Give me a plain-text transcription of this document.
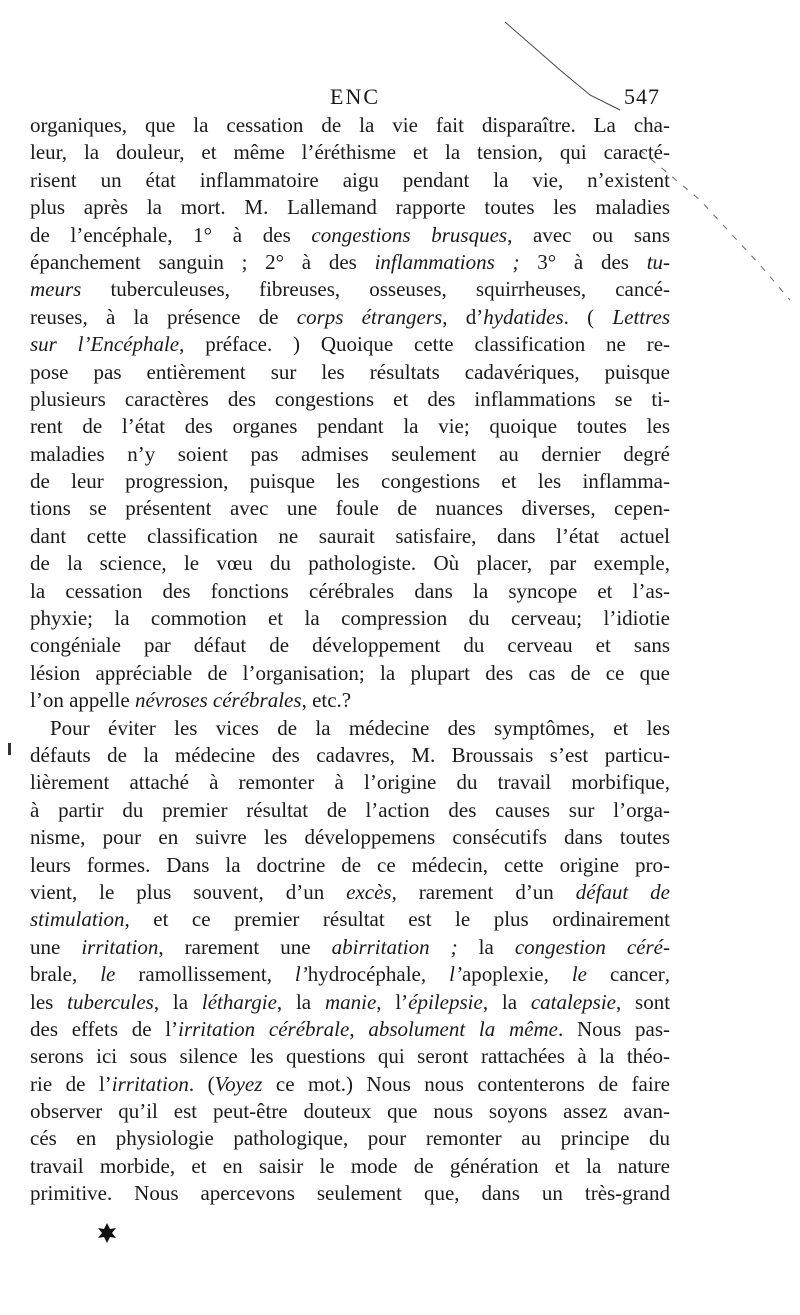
ENC	547
organiques, que la cessation de la vie fait disparaître. La cha-
leur, la douleur, et même l’éréthisme et la tension, qui caracté-
risent un état inflammatoire aigu pendant la vie, n’existent
plus après la mort. M. Lallemand rapporte toutes les maladies
de l’encéphale, 1° à des congestions brusques, avec ou sans
épanchement sanguin ; 2° à des inflammations ; 3° à des tu-
meurs tuberculeuses, fibreuses, osseuses, squirrheuses, cancé-
reuses, à la présence de corps étrangers, d’hydatides. ( Lettres
sur l’Encéphale, préface. ) Quoique cette classification ne re-
pose pas entièrement sur les résultats cadavériques, puisque
plusieurs caractères des congestions et des inflammations se ti-
rent de l’état des organes pendant la vie; quoique toutes les
maladies n’y soient pas admises seulement au dernier degré
de leur progression, puisque les congestions et les inflamma-
tions se présentent avec une foule de nuances diverses, cepen-
dant cette classification ne saurait satisfaire, dans l’état actuel
de la science, le vœu du pathologiste. Où placer, par exemple,
la cessation des fonctions cérébrales dans la syncope et l’as-
phyxie; la commotion et la compression du cerveau; l’idiotie
congéniale par défaut de développement du cerveau et sans
lésion appréciable de l’organisation; la plupart des cas de ce que
l’on appelle névroses cérébrales, etc.?
Pour éviter les vices de la médecine des symptômes, et les
défauts de la médecine des cadavres, M. Broussais s’est particu-
lièrement attaché à remonter à l’origine du travail morbifique,
à partir du premier résultat de l’action des causes sur l’orga-
nisme, pour en suivre les développemens consécutifs dans toutes
leurs formes. Dans la doctrine de ce médecin, cette origine pro-
vient, le plus souvent, d’un excès, rarement d’un défaut de
stimulation, et ce premier résultat est le plus ordinairement
une irritation, rarement une abirritation ; la congestion céré-
brale, le ramollissement, l’hydrocéphale, l’apoplexie, le cancer,
les tubercules, la léthargie, la manie, l’épilepsie, la catalepsie, sont
des effets de l’irritation cérébrale, absolument la même. Nous pas-
serons ici sous silence les questions qui seront rattachées à la théo-
rie de l’irritation. (Voyez ce mot.) Nous nous contenterons de faire
observer qu’il est peut-être douteux que nous soyons assez avan-
cés en physiologie pathologique, pour remonter au principe du
travail morbide, et en saisir le mode de génération et la nature
primitive. Nous apercevons seulement que, dans un très-grand
